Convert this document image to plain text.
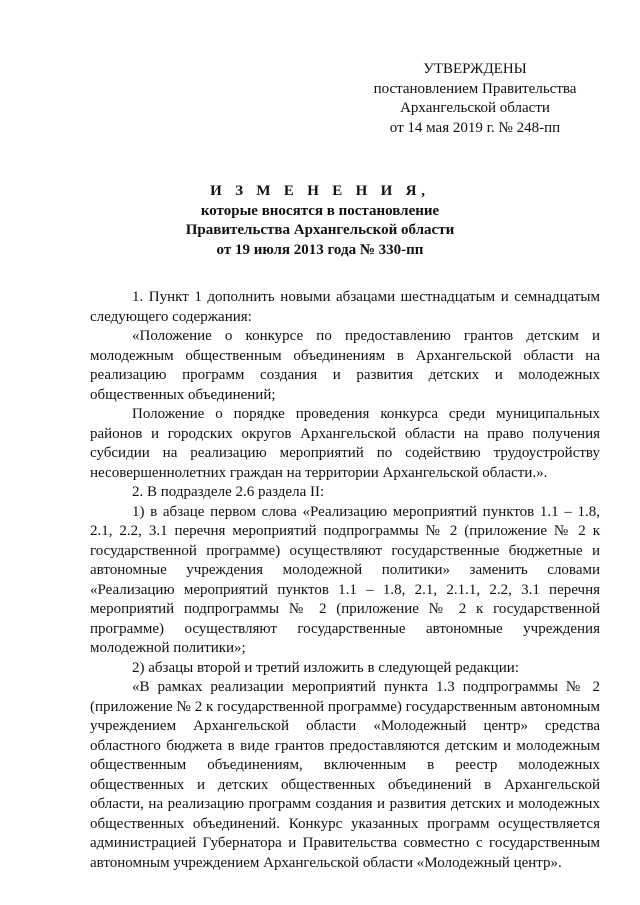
УТВЕРЖДЕНЫ
постановлением Правительства
Архангельской области
от 14 мая 2019 г. № 248-пп
И З М Е Н Е Н И Я,
которые вносятся в постановление
Правительства Архангельской области
от 19 июля 2013 года № 330-пп

1. Пункт 1 дополнить новыми абзацами шестнадцатым и семнадцатым следующего содержания:

«Положение о конкурсе по предоставлению грантов детским и молодежным общественным объединениям в Архангельской области на реализацию программ создания и развития детских и молодежных общественных объединений;

Положение о порядке проведения конкурса среди муниципальных районов и городских округов Архангельской области на право получения субсидии на реализацию мероприятий по содействию трудоустройству несовершеннолетних граждан на территории Архангельской области.».

2. В подразделе 2.6 раздела II:

1) в абзаце первом слова «Реализацию мероприятий пунктов 1.1 – 1.8, 2.1, 2.2, 3.1 перечня мероприятий подпрограммы № 2 (приложение № 2 к государственной программе) осуществляют государственные бюджетные и автономные учреждения молодежной политики» заменить словами «Реализацию мероприятий пунктов 1.1 – 1.8, 2.1, 2.1.1, 2.2, 3.1 перечня мероприятий подпрограммы № 2 (приложение № 2 к государственной программе) осуществляют государственные автономные учреждения молодежной политики»;

2) абзацы второй и третий изложить в следующей редакции:

«В рамках реализации мероприятий пункта 1.3 подпрограммы № 2 (приложение № 2 к государственной программе) государственным автономным учреждением Архангельской области «Молодежный центр» средства областного бюджета в виде грантов предоставляются детским и молодежным общественным объединениям, включенным в реестр молодежных общественных и детских общественных объединений в Архангельской области, на реализацию программ создания и развития детских и молодежных общественных объединений. Конкурс указанных программ осуществляется администрацией Губернатора и Правительства совместно с государственным автономным учреждением Архангельской области «Молодежный центр».
